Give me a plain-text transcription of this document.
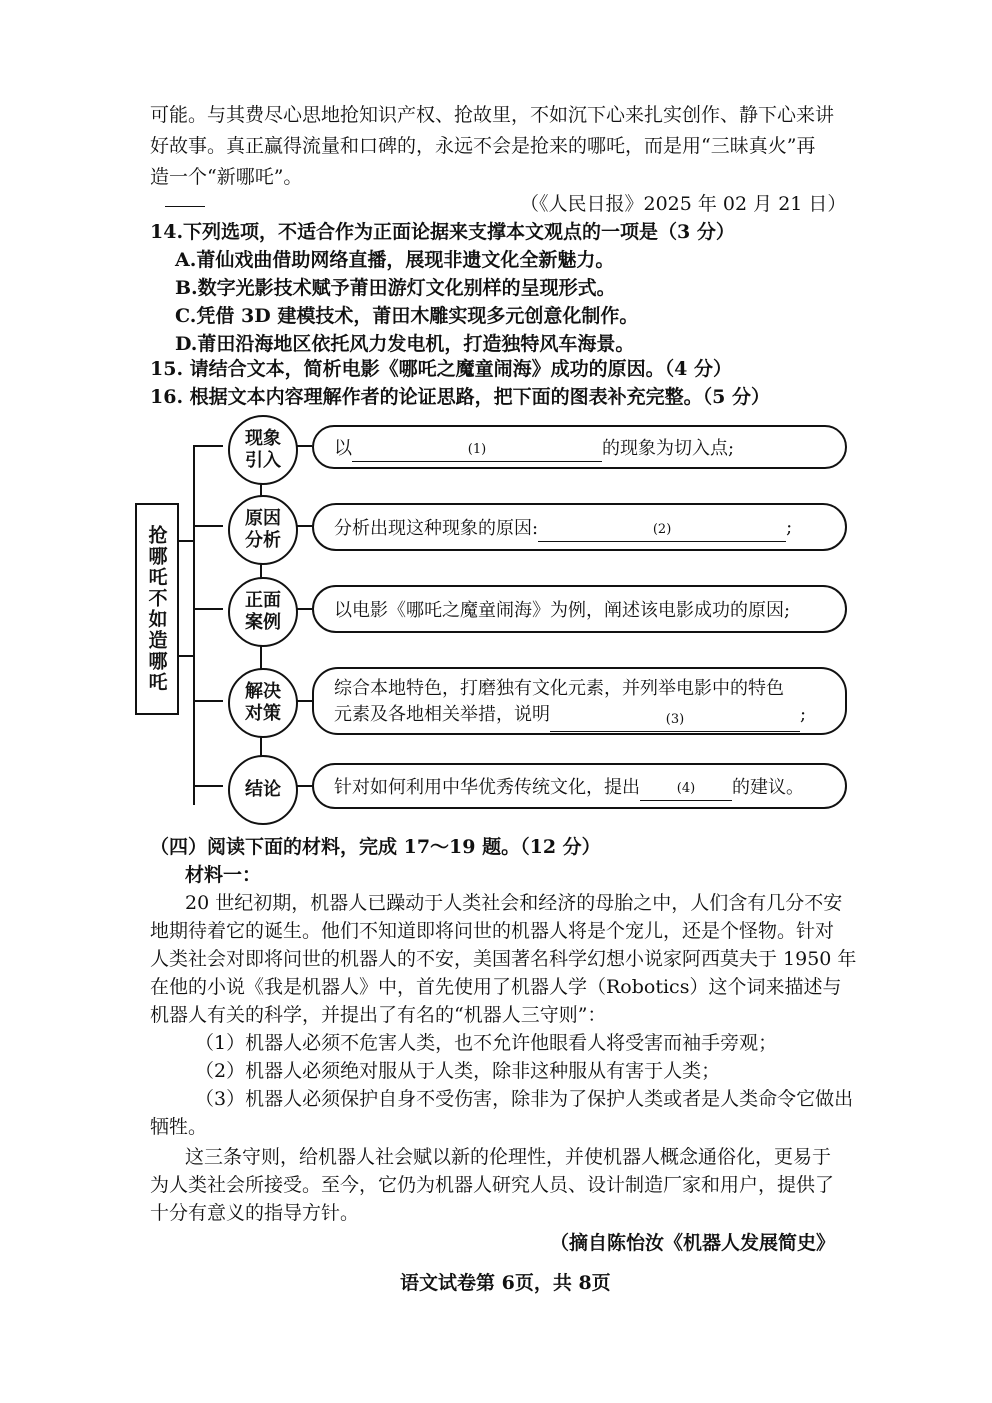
可能。与其费尽心思地抢知识产权、抢故里，不如沉下心来扎实创作、静下心来讲
好故事。真正赢得流量和口碑的，永远不会是抢来的哪吒，而是用“三昧真火”再
造一个“新哪吒”。
（《人民日报》2025 年 02 月 21 日）
14.下列选项，不适合作为正面论据来支撑本文观点的一项是（3 分）
A.莆仙戏曲借助网络直播，展现非遗文化全新魅力。
B.数字光影技术赋予莆田游灯文化别样的呈现形式。
C.凭借 3D 建模技术，莆田木雕实现多元创意化制作。
D.莆田沿海地区依托风力发电机，打造独特风车海景。
15. 请结合文本，简析电影《哪吒之魔童闹海》成功的原因。（4 分）
16. 根据文本内容理解作者的论证思路，把下面的图表补充完整。（5 分）
抢哪吒不如造哪吒
现象
引入
原因
分析
正面
案例
解决
对策
结论
以	(1)	的现象为切入点;
分析出现这种现象的原因:	(2)	;
以电影《哪吒之魔童闹海》为例，阐述该电影成功的原因;
综合本地特色，打磨独有文化元素，并列举电影中的特色
元素及各地相关举措，说明	(3)	;
针对如何利用中华优秀传统文化，提出	(4)	的建议。
（四）阅读下面的材料，完成 17～19 题。（12 分）
材料一：
20 世纪初期，机器人已躁动于人类社会和经济的母胎之中，人们含有几分不安
地期待着它的诞生。他们不知道即将问世的机器人将是个宠儿，还是个怪物。针对
人类社会对即将问世的机器人的不安，美国著名科学幻想小说家阿西莫夫于 1950 年
在他的小说《我是机器人》中，首先使用了机器人学（Robotics）这个词来描述与
机器人有关的科学，并提出了有名的“机器人三守则”：
（1）机器人必须不危害人类，也不允许他眼看人将受害而袖手旁观；
（2）机器人必须绝对服从于人类，除非这种服从有害于人类；
（3）机器人必须保护自身不受伤害，除非为了保护人类或者是人类命令它做出
牺牲。
这三条守则，给机器人社会赋以新的伦理性，并使机器人概念通俗化，更易于
为人类社会所接受。至今，它仍为机器人研究人员、设计制造厂家和用户，提供了
十分有意义的指导方针。
（摘自陈怡汝《机器人发展简史》
语文试卷第 6页，共 8页
